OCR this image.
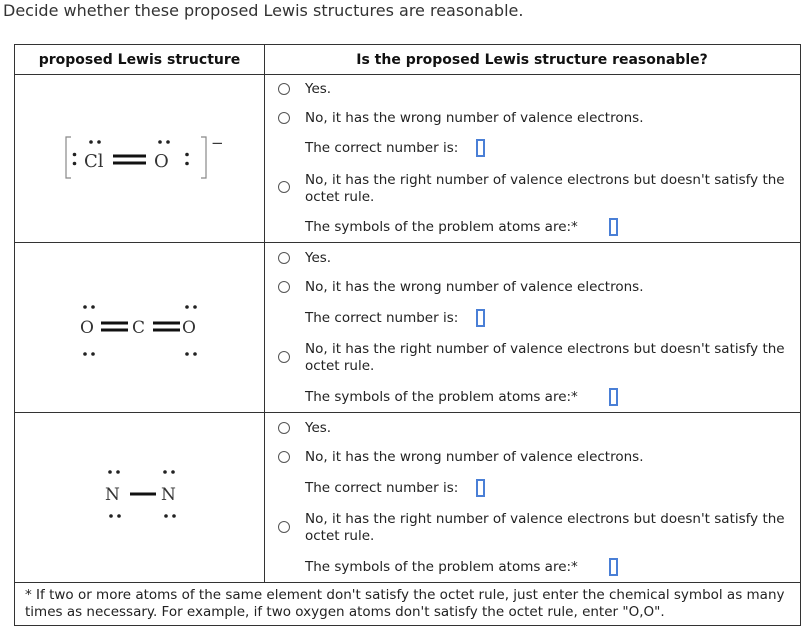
Decide whether these proposed Lewis structures are reasonable.
proposed Lewis structure	Is the proposed Lewis structure reasonable?
−
Cl	O
Yes.
No, it has the wrong number of valence electrons.
The correct number is:
No, it has the right number of valence electrons but doesn't satisfy the
octet rule.
The symbols of the problem atoms are:*
O C O
Yes.
No, it has the wrong number of valence electrons.
The correct number is:
No, it has the right number of valence electrons but doesn't satisfy the
octet rule.
The symbols of the problem atoms are:*
N N
Yes.
No, it has the wrong number of valence electrons.
The correct number is:
No, it has the right number of valence electrons but doesn't satisfy the
octet rule.
The symbols of the problem atoms are:*
* If two or more atoms of the same element don't satisfy the octet rule, just enter the chemical symbol as many times as necessary. For example, if two oxygen atoms don't satisfy the octet rule, enter "O,O".
